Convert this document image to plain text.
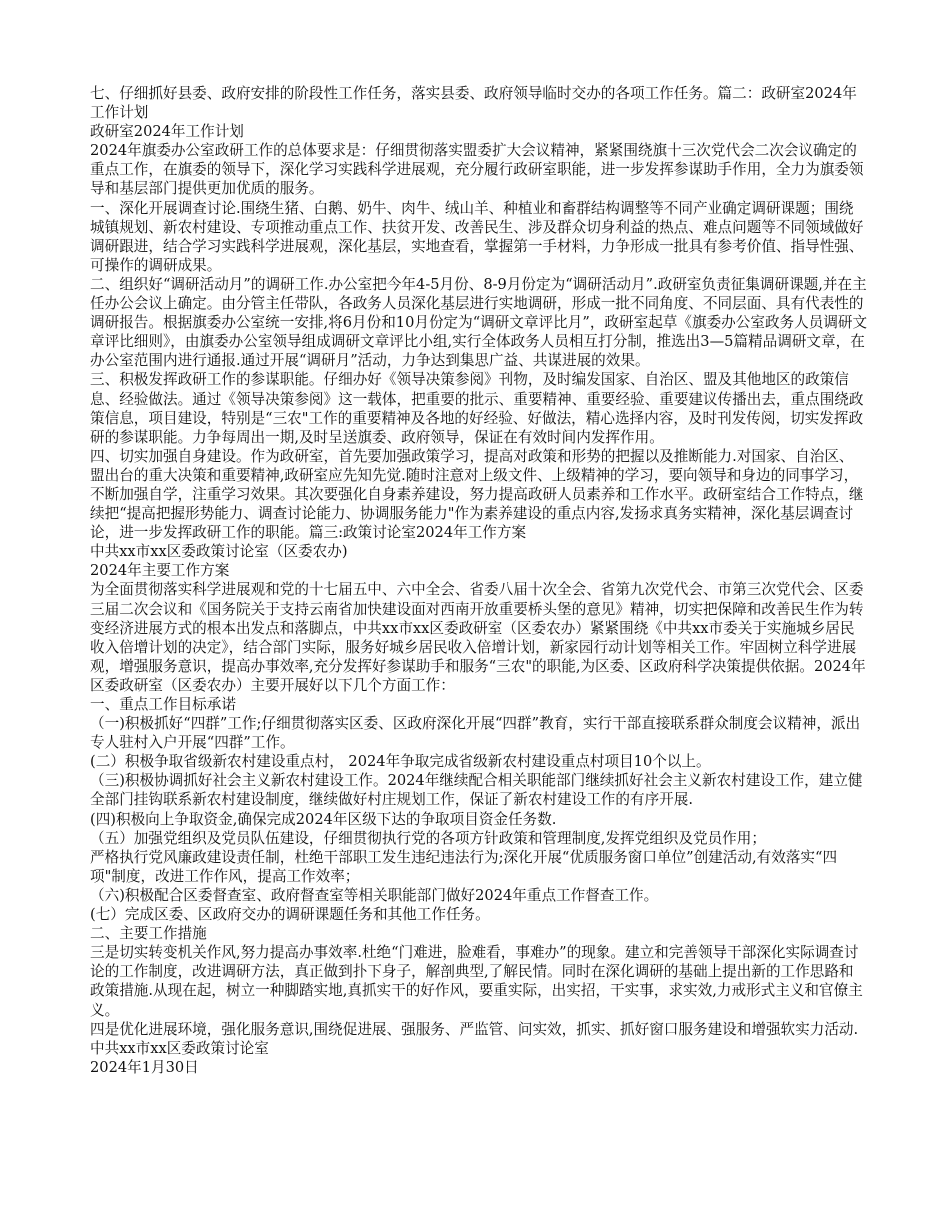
七、仔细抓好县委、政府安排的阶段性工作任务，落实县委、政府领导临时交办的各项工作任务。篇二：政研室2024年工作计划

政研室2024年工作计划

2024年旗委办公室政研工作的总体要求是：仔细贯彻落实盟委扩大会议精神，紧紧围绕旗十三次党代会二次会议确定的重点工作，在旗委的领导下，深化学习实践科学进展观，充分履行政研室职能，进一步发挥参谋助手作用，全力为旗委领导和基层部门提供更加优质的服务。

一、深化开展调查讨论.围绕生猪、白鹅、奶牛、肉牛、绒山羊、种植业和畜群结构调整等不同产业确定调研课题；围绕城镇规划、新农村建设、专项推动重点工作、扶贫开发、改善民生、涉及群众切身利益的热点、难点问题等不同领域做好调研跟进，结合学习实践科学进展观，深化基层，实地查看，掌握第一手材料，力争形成一批具有参考价值、指导性强、可操作的调研成果。

二、组织好“调研活动月”的调研工作.办公室把今年4-5月份、8-9月份定为“调研活动月”.政研室负责征集调研课题,并在主任办公会议上确定。由分管主任带队，各政务人员深化基层进行实地调研，形成一批不同角度、不同层面、具有代表性的调研报告。根据旗委办公室统一安排,将6月份和10月份定为“调研文章评比月”，政研室起草《旗委办公室政务人员调研文章评比细则》，由旗委办公室领导组成调研文章评比小组,实行全体政务人员相互打分制，推选出3—5篇精品调研文章，在办公室范围内进行通报.通过开展“调研月”活动，力争达到集思广益、共谋进展的效果。

三、积极发挥政研工作的参谋职能。仔细办好《领导决策参阅》刊物，及时编发国家、自治区、盟及其他地区的政策信息、经验做法。通过《领导决策参阅》这一载体，把重要的批示、重要精神、重要经验、重要建议传播出去，重点围绕政策信息，项目建设，特别是“三农"工作的重要精神及各地的好经验、好做法，精心选择内容，及时刊发传阅，切实发挥政研的参谋职能。力争每周出一期,及时呈送旗委、政府领导，保证在有效时间内发挥作用。

四、切实加强自身建设。作为政研室，首先要加强政策学习，提高对政策和形势的把握以及推断能力.对国家、自治区、盟出台的重大决策和重要精神,政研室应先知先觉.随时注意对上级文件、上级精神的学习，要向领导和身边的同事学习，不断加强自学，注重学习效果。其次要强化自身素养建设，努力提高政研人员素养和工作水平。政研室结合工作特点，继续把“提高把握形势能力、调查讨论能力、协调服务能力"作为素养建设的重点内容,发扬求真务实精神，深化基层调查讨论，进一步发挥政研工作的职能。篇三:政策讨论室2024年工作方案

中共xx市xx区委政策讨论室（区委农办)

2024年主要工作方案

为全面贯彻落实科学进展观和党的十七届五中、六中全会、省委八届十次全会、省第九次党代会、市第三次党代会、区委三届二次会议和《国务院关于支持云南省加快建设面对西南开放重要桥头堡的意见》精神，切实把保障和改善民生作为转变经济进展方式的根本出发点和落脚点，中共xx市xx区委政研室（区委农办）紧紧围绕《中共xx市委关于实施城乡居民收入倍增计划的决定》，结合部门实际，服务好城乡居民收入倍增计划，新家园行动计划等相关工作。牢固树立科学进展观，增强服务意识，提高办事效率,充分发挥好参谋助手和服务“三农"的职能,为区委、区政府科学决策提供依据。2024年区委政研室（区委农办）主要开展好以下几个方面工作：

一、重点工作目标承诺

（一)积极抓好“四群”工作;仔细贯彻落实区委、区政府深化开展“四群”教育，实行干部直接联系群众制度会议精神，派出专人驻村入户开展“四群”工作。

(二）积极争取省级新农村建设重点村， 2024年争取完成省级新农村建设重点村项目10个以上。

（三)积极协调抓好社会主义新农村建设工作。2024年继续配合相关职能部门继续抓好社会主义新农村建设工作，建立健全部门挂钩联系新农村建设制度，继续做好村庄规划工作，保证了新农村建设工作的有序开展.

(四)积极向上争取资金,确保完成2024年区级下达的争取项目资金任务数.

（五）加强党组织及党员队伍建设，仔细贯彻执行党的各项方针政策和管理制度,发挥党组织及党员作用；

严格执行党风廉政建设责任制，杜绝干部职工发生违纪违法行为;深化开展“优质服务窗口单位”创建活动,有效落实“四项"制度，改进工作作风，提高工作效率；

（六)积极配合区委督查室、政府督查室等相关职能部门做好2024年重点工作督查工作。

(七）完成区委、区政府交办的调研课题任务和其他工作任务。

二、主要工作措施

三是切实转变机关作风,努力提高办事效率.杜绝“门难进，脸难看，事难办”的现象。建立和完善领导干部深化实际调查讨论的工作制度，改进调研方法，真正做到扑下身子，解剖典型,了解民情。同时在深化调研的基础上提出新的工作思路和政策措施.从现在起，树立一种脚踏实地,真抓实干的好作风，要重实际，出实招，干实事，求实效,力戒形式主义和官僚主义。

四是优化进展环境，强化服务意识,围绕促进展、强服务、严监管、问实效，抓实、抓好窗口服务建设和增强软实力活动.

中共xx市xx区委政策讨论室

2024年1月30日
